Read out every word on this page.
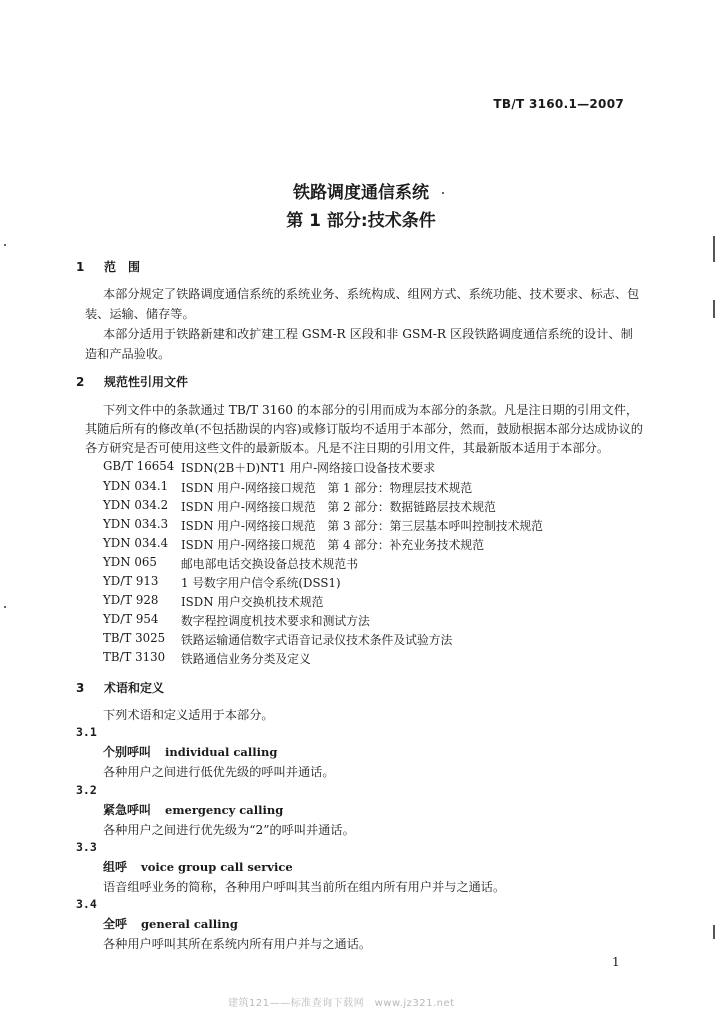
TB/T 3160.1—2007
铁路调度通信系统
第 1 部分:技术条件
1 范　围
本部分规定了铁路调度通信系统的系统业务、系统构成、组网方式、系统功能、技术要求、标志、包
装、运输、储存等。
本部分适用于铁路新建和改扩建工程 GSM-R 区段和非 GSM-R 区段铁路调度通信系统的设计、制
造和产品验收。
2 规范性引用文件
下列文件中的条款通过 TB/T 3160 的本部分的引用而成为本部分的条款。凡是注日期的引用文件，
其随后所有的修改单(不包括勘误的内容)或修订版均不适用于本部分，然而，鼓励根据本部分达成协议的
各方研究是否可使用这些文件的最新版本。凡是不注日期的引用文件，其最新版本适用于本部分。
GB/T 16654 ISDN(2B＋D)NT1 用户-网络接口设备技术要求
YDN 034.1 ISDN 用户-网络接口规范　第 1 部分：物理层技术规范
YDN 034.2 ISDN 用户-网络接口规范　第 2 部分：数据链路层技术规范
YDN 034.3 ISDN 用户-网络接口规范　第 3 部分：第三层基本呼叫控制技术规范
YDN 034.4 ISDN 用户-网络接口规范　第 4 部分：补充业务技术规范
YDN 065 邮电部电话交换设备总技术规范书
YD/T 913 1 号数字用户信令系统(DSS1)
YD/T 928 ISDN 用户交换机技术规范
YD/T 954 数字程控调度机技术要求和测试方法
TB/T 3025 铁路运输通信数字式语音记录仪技术条件及试验方法
TB/T 3130 铁路通信业务分类及定义
3 术语和定义
下列术语和定义适用于本部分。
3.1
个别呼叫 individual calling
各种用户之间进行低优先级的呼叫并通话。
3.2
紧急呼叫 emergency calling
各种用户之间进行优先级为“2”的呼叫并通话。
3.3
组呼 voice group call service
语音组呼业务的简称，各种用户呼叫其当前所在组内所有用户并与之通话。
3.4
全呼 general calling
各种用户呼叫其所在系统内所有用户并与之通话。
1
建筑121——标准查询下载网　www.jz321.net
